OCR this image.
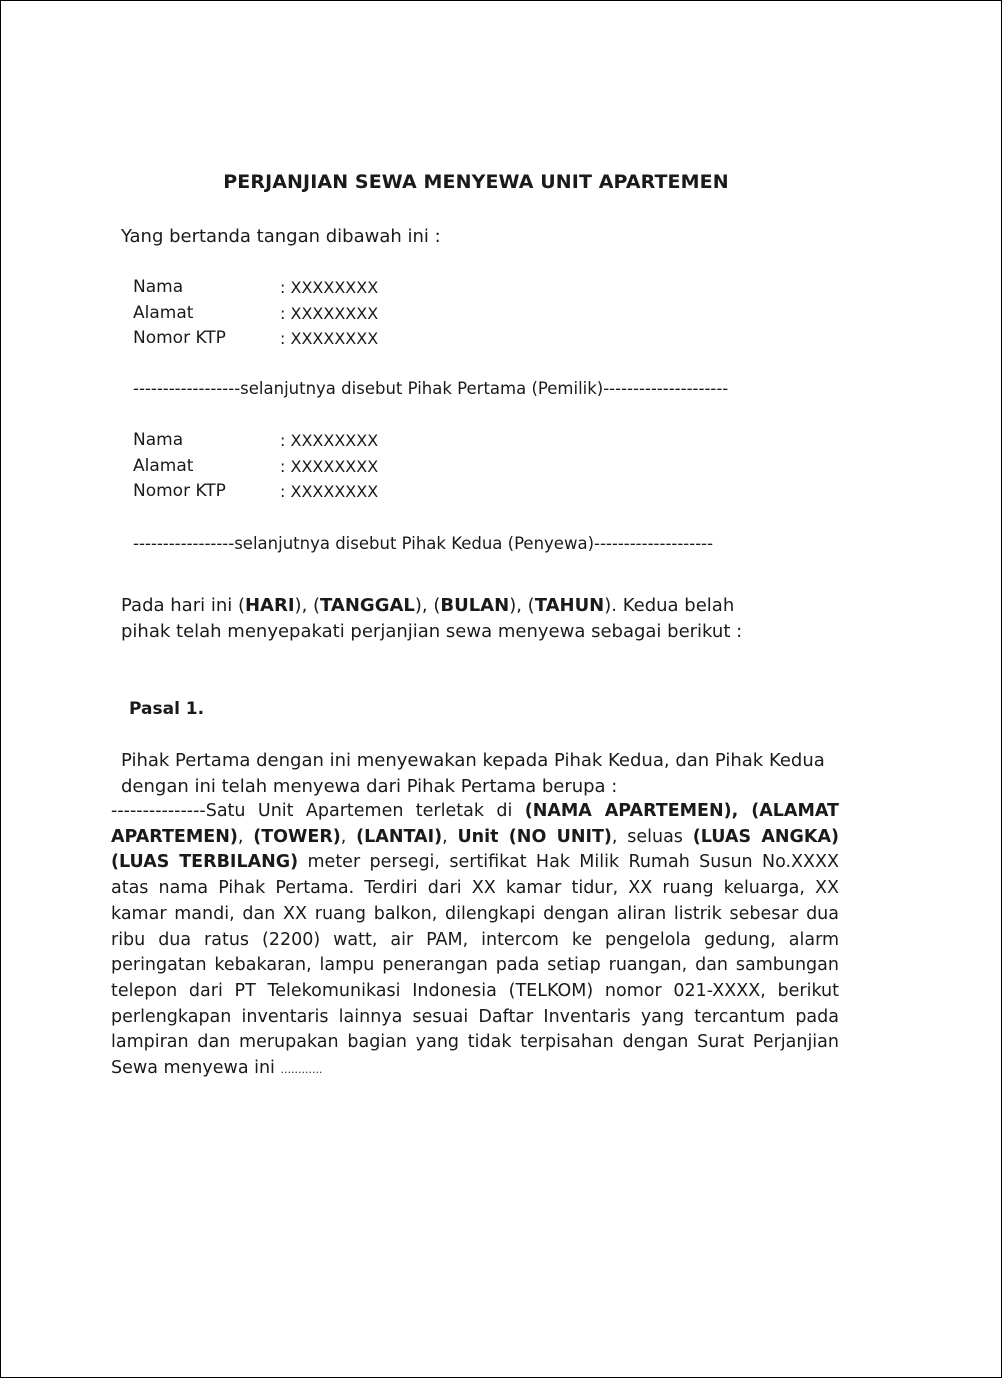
PERJANJIAN SEWA MENYEWA UNIT APARTEMEN
Yang bertanda tangan dibawah ini :
Nama	: XXXXXXXX
Alamat	: XXXXXXXX
Nomor KTP	: XXXXXXXX
------------------selanjutnya disebut Pihak Pertama (Pemilik)---------------------
Nama	: XXXXXXXX
Alamat	: XXXXXXXX
Nomor KTP	: XXXXXXXX
-----------------selanjutnya disebut Pihak Kedua (Penyewa)--------------------
Pada hari ini (HARI), (TANGGAL), (BULAN), (TAHUN). Kedua belah pihak telah menyepakati perjanjian sewa menyewa sebagai berikut :
Pasal 1.
Pihak Pertama dengan ini menyewakan kepada Pihak Kedua, dan Pihak Kedua dengan ini telah menyewa dari Pihak Pertama berupa :
---------------Satu Unit Apartemen terletak di (NAMA APARTEMEN), (ALAMAT APARTEMEN), (TOWER), (LANTAI), Unit (NO UNIT), seluas (LUAS ANGKA) (LUAS TERBILANG) meter persegi, sertifikat Hak Milik Rumah Susun No.XXXX atas nama Pihak Pertama. Terdiri dari XX kamar tidur, XX ruang keluarga, XX kamar mandi, dan XX ruang balkon, dilengkapi dengan aliran listrik sebesar dua ribu dua ratus (2200) watt, air PAM, intercom ke pengelola gedung, alarm peringatan kebakaran, lampu penerangan pada setiap ruangan, dan sambungan telepon dari PT Telekomunikasi Indonesia (TELKOM) nomor 021-XXXX, berikut perlengkapan inventaris lainnya sesuai Daftar Inventaris yang tercantum pada lampiran dan merupakan bagian yang tidak terpisahan dengan Surat Perjanjian Sewa menyewa ini ............
